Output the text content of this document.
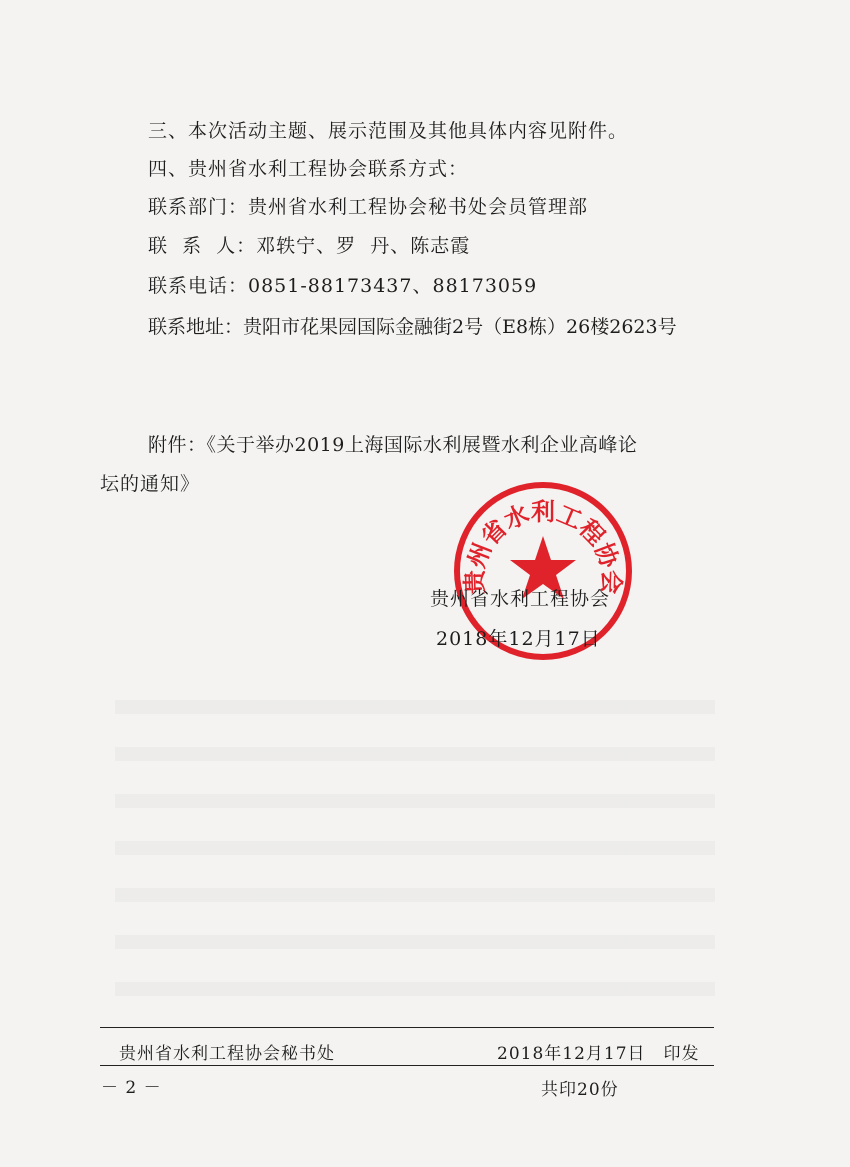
三、本次活动主题、展示范围及其他具体内容见附件。
四、贵州省水利工程协会联系方式：
联系部门：贵州省水利工程协会秘书处会员管理部
联  系  人：邓轶宁、罗  丹、陈志霞
联系电话：0851-88173437、88173059
联系地址：贵阳市花果园国际金融街2号（E8栋）26楼2623号
附件：《关于举办2019上海国际水利展暨水利企业高峰论
坛的通知》
贵州省水利工程协会
贵州省水利工程协会
2018年12月17日
贵州省水利工程协会秘书处	2018年12月17日　印发
－ 2 －	共印20份
